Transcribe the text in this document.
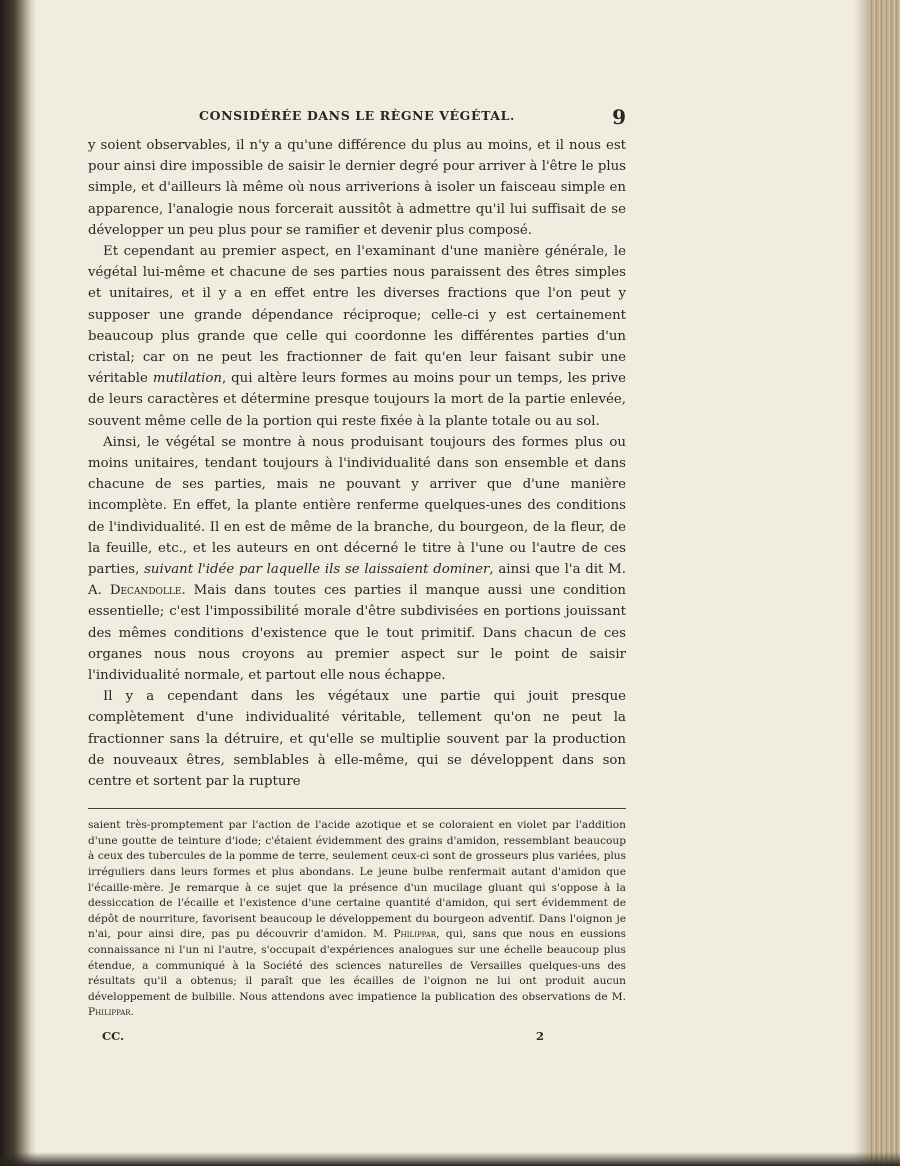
CONSIDÉRÉE DANS LE RÈGNE VÉGÉTAL.	9

y soient observables, il n'y a qu'une différence du plus au moins, et il nous est pour ainsi dire impossible de saisir le dernier degré pour arriver à l'être le plus simple, et d'ailleurs là même où nous arriverions à isoler un faisceau simple en apparence, l'analogie nous forcerait aussitôt à admettre qu'il lui suffisait de se développer un peu plus pour se ramifier et devenir plus composé.

Et cependant au premier aspect, en l'examinant d'une manière générale, le végétal lui-même et chacune de ses parties nous paraissent des êtres simples et unitaires, et il y a en effet entre les diverses fractions que l'on peut y supposer une grande dépendance réciproque; celle-ci y est certainement beaucoup plus grande que celle qui coordonne les différentes parties d'un cristal; car on ne peut les fractionner de fait qu'en leur faisant subir une véritable mutilation, qui altère leurs formes au moins pour un temps, les prive de leurs caractères et détermine presque toujours la mort de la partie enlevée, souvent même celle de la portion qui reste fixée à la plante totale ou au sol.

Ainsi, le végétal se montre à nous produisant toujours des formes plus ou moins unitaires, tendant toujours à l'individualité dans son ensemble et dans chacune de ses parties, mais ne pouvant y arriver que d'une manière incomplète. En effet, la plante entière renferme quelques-unes des conditions de l'individualité. Il en est de même de la branche, du bourgeon, de la fleur, de la feuille, etc., et les auteurs en ont décerné le titre à l'une ou l'autre de ces parties, suivant l'idée par laquelle ils se laissaient dominer, ainsi que l'a dit M. A. Decandolle. Mais dans toutes ces parties il manque aussi une condition essentielle; c'est l'impossibilité morale d'être subdivisées en portions jouissant des mêmes conditions d'existence que le tout primitif. Dans chacun de ces organes nous nous croyons au premier aspect sur le point de saisir l'individualité normale, et partout elle nous échappe.

Il y a cependant dans les végétaux une partie qui jouit presque complètement d'une individualité véritable, tellement qu'on ne peut la fractionner sans la détruire, et qu'elle se multiplie souvent par la production de nouveaux êtres, semblables à elle-même, qui se développent dans son centre et sortent par la rupture

saient très-promptement par l'action de l'acide azotique et se coloraient en violet par l'addition d'une goutte de teinture d'iode; c'étaient évidemment des grains d'amidon, ressemblant beaucoup à ceux des tubercules de la pomme de terre, seulement ceux-ci sont de grosseurs plus variées, plus irréguliers dans leurs formes et plus abondans. Le jeune bulbe renfermait autant d'amidon que l'écaille-mère. Je remarque à ce sujet que la présence d'un mucilage gluant qui s'oppose à la dessiccation de l'écaille et l'existence d'une certaine quantité d'amidon, qui sert évidemment de dépôt de nourriture, favorisent beaucoup le développement du bourgeon adventif. Dans l'oignon je n'ai, pour ainsi dire, pas pu découvrir d'amidon. M. Philippar, qui, sans que nous en eussions connaissance ni l'un ni l'autre, s'occupait d'expériences analogues sur une échelle beaucoup plus étendue, a communiqué à la Société des sciences naturelles de Versailles quelques-uns des résultats qu'il a obtenus; il paraît que les écailles de l'oignon ne lui ont produit aucun développement de bulbille. Nous attendons avec impatience la publication des observations de M. Philippar.

CC.	2
